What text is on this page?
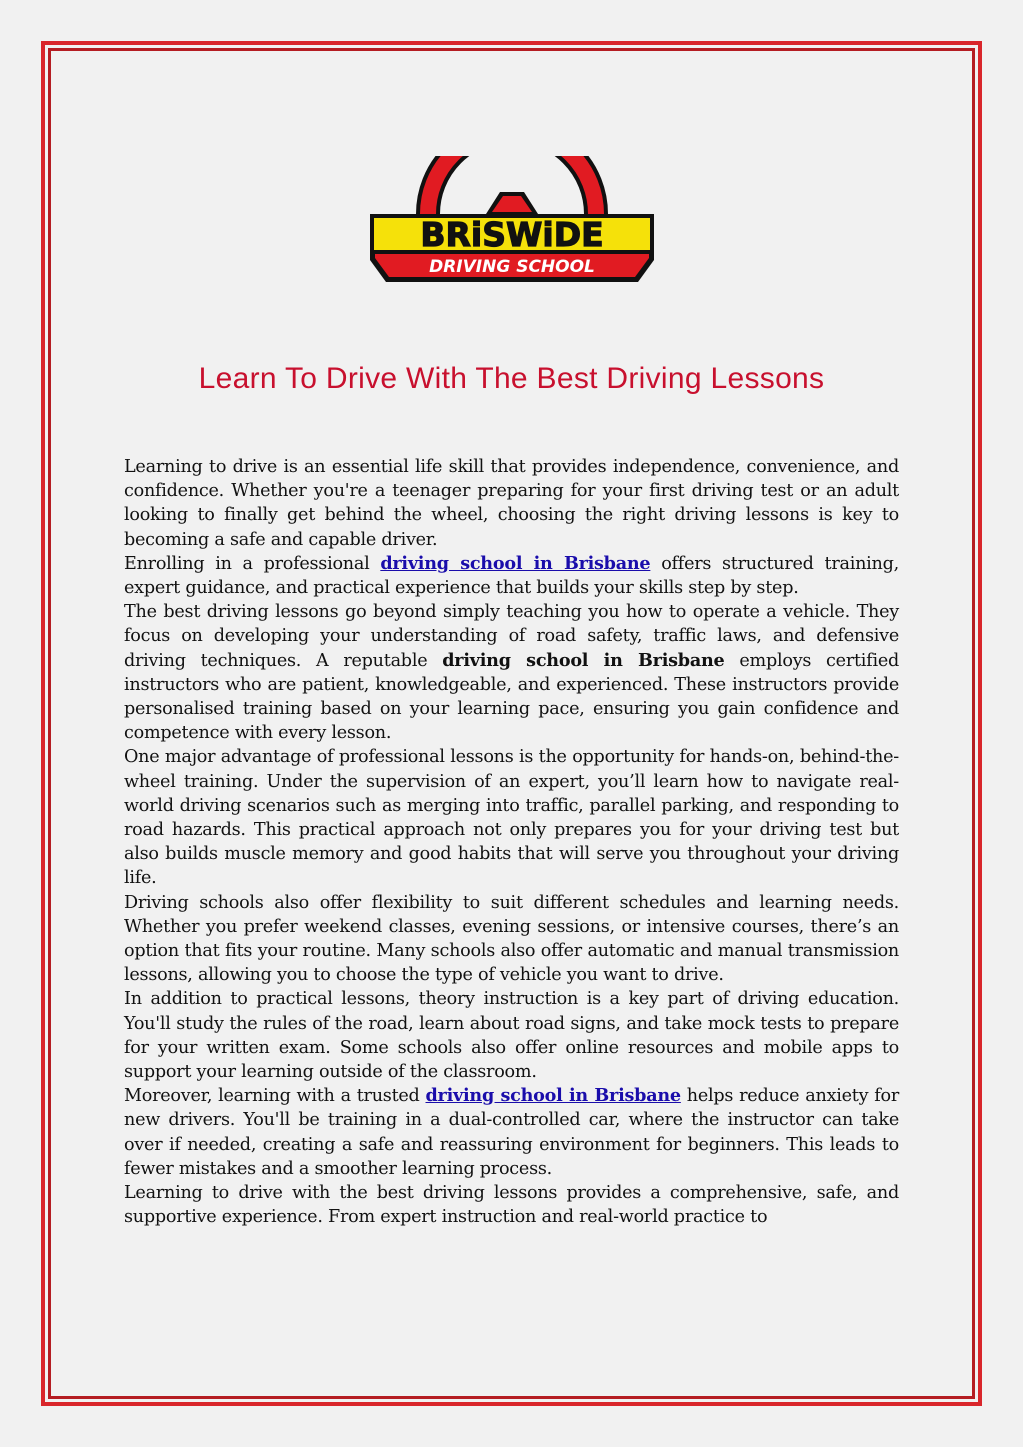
BRiSWiDE
DRIVING SCHOOL
Learn To Drive With The Best Driving Lessons

Learning to drive is an essential life skill that provides independence, convenience, and confidence. Whether you're a teenager preparing for your first driving test or an adult looking to finally get behind the wheel, choosing the right driving lessons is key to becoming a safe and capable driver.

Enrolling in a professional driving school in Brisbane offers structured training, expert guidance, and practical experience that builds your skills step by step.

The best driving lessons go beyond simply teaching you how to operate a vehicle. They focus on developing your understanding of road safety, traffic laws, and defensive driving techniques. A reputable driving school in Brisbane employs certified instructors who are patient, knowledgeable, and experienced. These instructors provide personalised training based on your learning pace, ensuring you gain confidence and competence with every lesson.

One major advantage of professional lessons is the opportunity for hands-on, behind-the-wheel training. Under the supervision of an expert, you’ll learn how to navigate real-world driving scenarios such as merging into traffic, parallel parking, and responding to road hazards. This practical approach not only prepares you for your driving test but also builds muscle memory and good habits that will serve you throughout your driving life.

Driving schools also offer flexibility to suit different schedules and learning needs. Whether you prefer weekend classes, evening sessions, or intensive courses, there’s an option that fits your routine. Many schools also offer automatic and manual transmission lessons, allowing you to choose the type of vehicle you want to drive.

In addition to practical lessons, theory instruction is a key part of driving education. You'll study the rules of the road, learn about road signs, and take mock tests to prepare for your written exam. Some schools also offer online resources and mobile apps to support your learning outside of the classroom.

Moreover, learning with a trusted driving school in Brisbane helps reduce anxiety for new drivers. You'll be training in a dual-controlled car, where the instructor can take over if needed, creating a safe and reassuring environment for beginners. This leads to fewer mistakes and a smoother learning process.

Learning to drive with the best driving lessons provides a comprehensive, safe, and supportive experience. From expert instruction and real-world practice to
